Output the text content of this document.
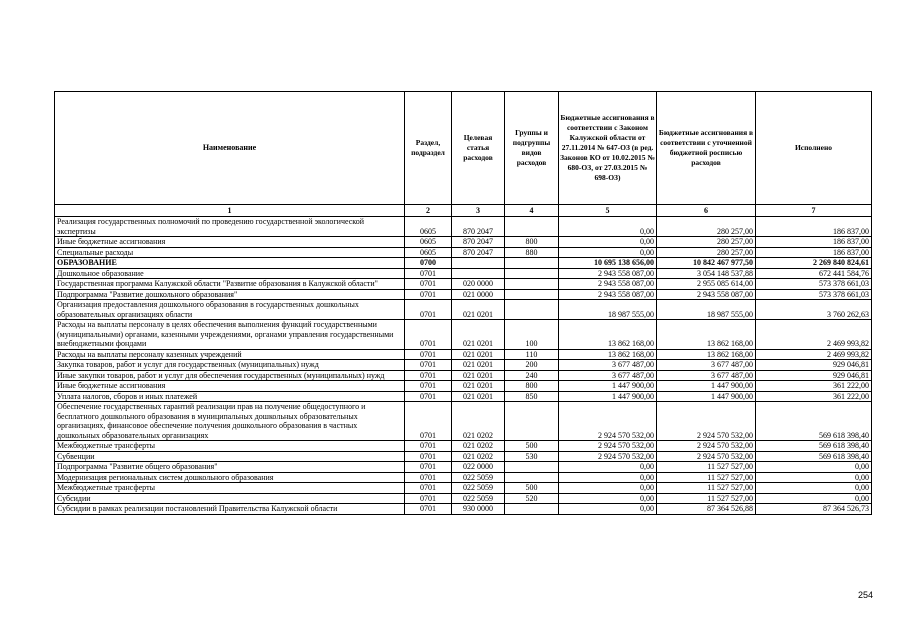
Наименование	Раздел, подраздел	Целевая статья расходов	Группы и подгруппы видов расходов	Бюджетные ассигнования в соответствии с Законом Калужской области от 27.11.2014 № 647-ОЗ (в ред. Законов КО от 10.02.2015 № 680-ОЗ, от 27.03.2015 № 698-ОЗ)	Бюджетные ассигнования в соответствии с уточненной бюджетной росписью расходов	Исполнено
1	2	3	4	5	6	7
Реализация государственных полномочий по проведению государственной экологической экспертизы	0605	870 2047		0,00	280 257,00	186 837,00
Иные бюджетные ассигнования	0605	870 2047	800	0,00	280 257,00	186 837,00
Специальные расходы	0605	870 2047	880	0,00	280 257,00	186 837,00
ОБРАЗОВАНИЕ	0700			10 695 138 656,00	10 842 467 977,50	2 269 840 824,61
Дошкольное образование	0701			2 943 558 087,00	3 054 148 537,88	672 441 584,76
Государственная программа Калужской области "Развитие образования в Калужской области"	0701	020 0000		2 943 558 087,00	2 955 085 614,00	573 378 661,03
Подпрограмма "Развитие дошкольного образования"	0701	021 0000		2 943 558 087,00	2 943 558 087,00	573 378 661,03
Организация предоставления дошкольного образования в государственных дошкольных образовательных организациях области	0701	021 0201		18 987 555,00	18 987 555,00	3 760 262,63
Расходы на выплаты персоналу в целях обеспечения выполнения функций государственными (муниципальными) органами, казенными учреждениями, органами управления государственными внебюджетными фондами	0701	021 0201	100	13 862 168,00	13 862 168,00	2 469 993,82
Расходы на выплаты персоналу казенных учреждений	0701	021 0201	110	13 862 168,00	13 862 168,00	2 469 993,82
Закупка товаров, работ и услуг для государственных (муниципальных) нужд	0701	021 0201	200	3 677 487,00	3 677 487,00	929 046,81
Иные закупки товаров, работ и услуг для обеспечения государственных (муниципальных) нужд	0701	021 0201	240	3 677 487,00	3 677 487,00	929 046,81
Иные бюджетные ассигнования	0701	021 0201	800	1 447 900,00	1 447 900,00	361 222,00
Уплата налогов, сборов и иных платежей	0701	021 0201	850	1 447 900,00	1 447 900,00	361 222,00
Обеспечение государственных гарантий реализации прав на получение общедоступного и бесплатного дошкольного образования в муниципальных дошкольных образовательных организациях, финансовое обеспечение получения дошкольного образования в частных дошкольных образовательных организациях	0701	021 0202		2 924 570 532,00	2 924 570 532,00	569 618 398,40
Межбюджетные трансферты	0701	021 0202	500	2 924 570 532,00	2 924 570 532,00	569 618 398,40
Субвенции	0701	021 0202	530	2 924 570 532,00	2 924 570 532,00	569 618 398,40
Подпрограмма "Развитие общего образования"	0701	022 0000		0,00	11 527 527,00	0,00
Модернизация региональных систем дошкольного образования	0701	022 5059		0,00	11 527 527,00	0,00
Межбюджетные трансферты	0701	022 5059	500	0,00	11 527 527,00	0,00
Субсидии	0701	022 5059	520	0,00	11 527 527,00	0,00
Субсидии в рамках реализации постановлений Правительства Калужской области	0701	930 0000		0,00	87 364 526,88	87 364 526,73
254
